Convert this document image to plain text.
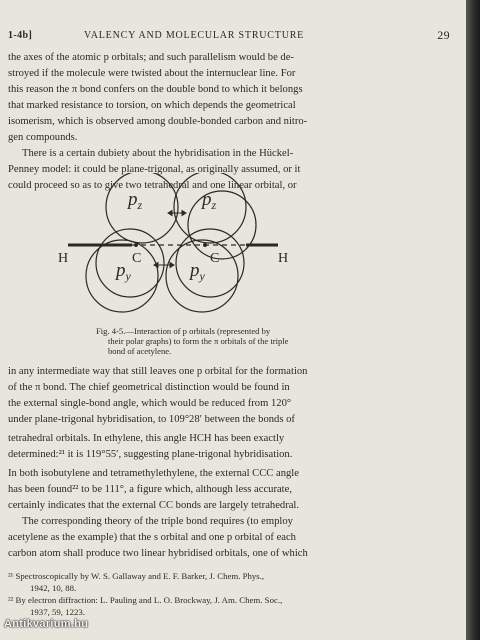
1-4b]	VALENCY AND MOLECULAR STRUCTURE	29

the axes of the atomic p orbitals; and such parallelism would be de-

stroyed if the molecule were twisted about the internuclear line. For

this reason the π bond confers on the double bond to which it belongs

that marked resistance to torsion, on which depends the geometrical

isomerism, which is observed among double-bonded carbon and nitro-

gen compounds.

There is a certain dubiety about the hybridisation in the Hückel-

Penney model: it could be plane-trigonal, as originally assumed, or it

could proceed so as to give two tetrahedral and one linear orbital, or

$p_z$	$p_z$
$p_y$	$p_y$
C	C
H	H
Fig. 4-5.—Interaction of p orbitals (represented by
their polar graphs) to form the π orbitals of the triple
bond of acetylene.

in any intermediate way that still leaves one p orbital for the formation

of the π bond. The chief geometrical distinction would be found in

the external single-bond angle, which would be reduced from 120°

under plane-trigonal hybridisation, to 109°28′ between the bonds of

tetrahedral orbitals. In ethylene, this angle HCH has been exactly

determined:²¹ it is 119°55′, suggesting plane-trigonal hybridisation.

In both isobutylene and tetramethylethylene, the external CCC angle

has been found²² to be 111°, a figure which, although less accurate,

certainly indicates that the external CC bonds are largely tetrahedral.

The corresponding theory of the triple bond requires (to employ

acetylene as the example) that the s orbital and one p orbital of each

carbon atom shall produce two linear hybridised orbitals, one of which

²¹ Spectroscopically by W. S. Gallaway and E. F. Barker, J. Chem. Phys.,

1942, 10, 88.

²² By electron diffraction: L. Pauling and L. O. Brockway, J. Am. Chem. Soc.,

1937, 59, 1223.

Antikvarium.hu
